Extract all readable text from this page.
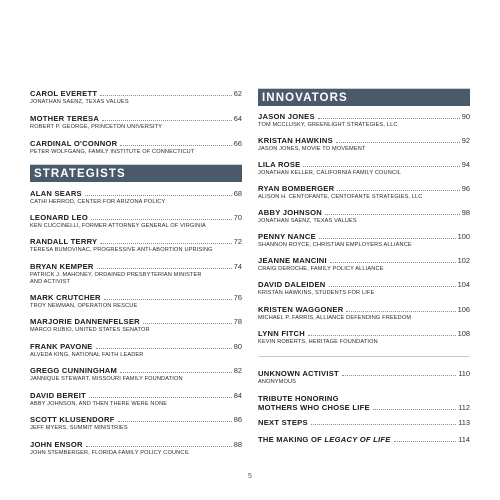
CAROL EVERETT	62
JONATHAN SAENZ, TEXAS VALUES
MOTHER TERESA	64
ROBERT P. GEORGE, PRINCETON UNIVERSITY
CARDINAL O'CONNOR	66
PETER WOLFGANG, FAMILY INSTITUTE OF CONNECTICUT
STRATEGISTS
ALAN SEARS	68
CATHI HERROD, CENTER FOR ARIZONA POLICY
LEONARD LEO	70
KEN CUCCINELLI, FORMER ATTORNEY GENERAL OF VIRGINIA
RANDALL TERRY	72
TERESA BUMOVINAC, PROGRESSIVE ANTI-ABORTION UPRISING
BRYAN KEMPER	74
PATRICK J. MAHONEY, ORDAINED PRESBYTERIAN MINISTER AND ACTIVIST
MARK CRUTCHER	76
TROY NEWMAN, OPERATION RESCUE
MARJORIE DANNENFELSER	78
MARCO RUBIO, UNITED STATES SENATOR
FRANK PAVONE	80
ALVEDA KING, NATIONAL FAITH LEADER
GREGG CUNNINGHAM	82
JANNIQUE STEWART, MISSOURI FAMILY FOUNDATION
DAVID BEREIT	84
ABBY JOHNSON, AND THEN THERE WERE NONE
SCOTT KLUSENDORF	86
JEFF MYERS, SUMMIT MINISTRIES
JOHN ENSOR	88
JOHN STEMBERGER, FLORIDA FAMILY POLICY COUNCIL
INNOVATORS
JASON JONES	90
TOM MCCLUSKY, GREENLIGHT STRATEGIES, LLC
KRISTAN HAWKINS	92
JASON JONES, MOVIE TO MOVEMENT
LILA ROSE	94
JONATHAN KELLER, CALIFORNIA FAMILY COUNCIL
RYAN BOMBERGER	96
ALISON H. CENTOFANTE, CENTOFANTE STRATEGIES, LLC
ABBY JOHNSON	98
JONATHAN SAENZ, TEXAS VALUES
PENNY NANCE	100
SHANNON ROYCE, CHRISTIAN EMPLOYERS ALLIANCE
JEANNE MANCINI	102
CRAIG DEROCHE, FAMILY POLICY ALLIANCE
DAVID DALEIDEN	104
KRISTAN HAWKINS, STUDENTS FOR LIFE
KRISTEN WAGGONER	106
MICHAEL P. FARRIS, ALLIANCE DEFENDING FREEDOM
LYNN FITCH	108
KEVIN ROBERTS, HERITAGE FOUNDATION
UNKNOWN ACTIVIST	110
ANONYMOUS
TRIBUTE HONORING
MOTHERS WHO CHOSE LIFE	112
NEXT STEPS	113
THE MAKING OF LEGACY OF LIFE	114
5
